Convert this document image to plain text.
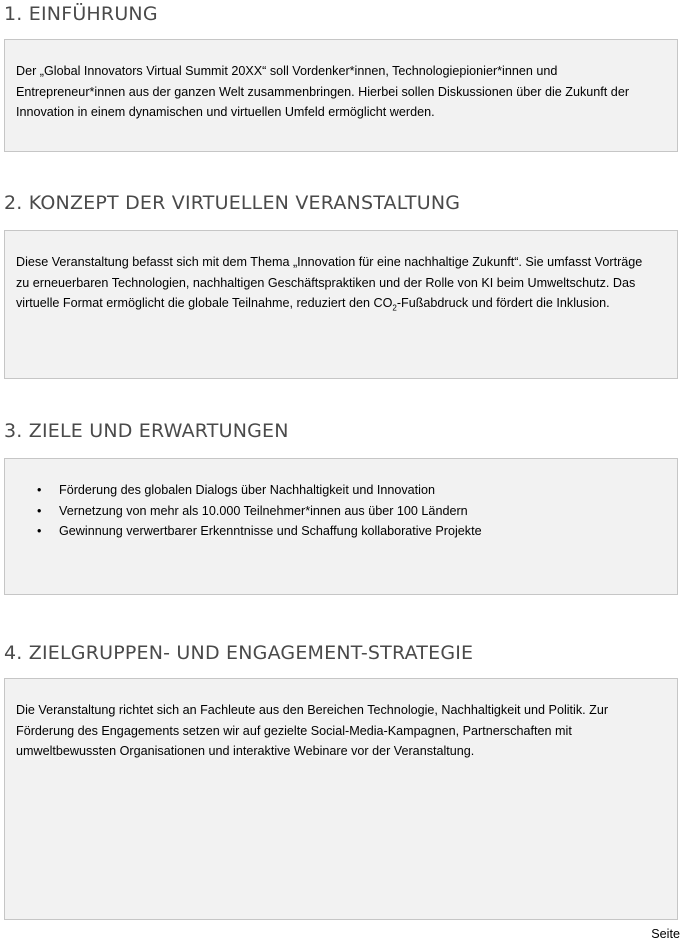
1. EINFÜHRUNG

Der „Global Innovators Virtual Summit 20XX“ soll Vordenker*innen, Technologiepionier*innen und Entrepreneur*innen aus der ganzen Welt zusammenbringen. Hierbei sollen Diskussionen über die Zukunft der Innovation in einem dynamischen und virtuellen Umfeld ermöglicht werden.

2. KONZEPT DER VIRTUELLEN VERANSTALTUNG

Diese Veranstaltung befasst sich mit dem Thema „Innovation für eine nachhaltige Zukunft“. Sie umfasst Vorträge zu erneuerbaren Technologien, nachhaltigen Geschäftspraktiken und der Rolle von KI beim Umweltschutz. Das virtuelle Format ermöglicht die globale Teilnahme, reduziert den $CO_2$-Fußabdruck und fördert die Inklusion.

3. ZIELE UND ERWARTUNGEN
• Förderung des globalen Dialogs über Nachhaltigkeit und Innovation
• Vernetzung von mehr als 10.000 Teilnehmer*innen aus über 100 Ländern
• Gewinnung verwertbarer Erkenntnisse und Schaffung kollaborative Projekte
4. ZIELGRUPPEN- UND ENGAGEMENT-STRATEGIE

Die Veranstaltung richtet sich an Fachleute aus den Bereichen Technologie, Nachhaltigkeit und Politik. Zur Förderung des Engagements setzen wir auf gezielte Social-Media-Kampagnen, Partnerschaften mit umweltbewussten Organisationen und interaktive Webinare vor der Veranstaltung.

Seite
